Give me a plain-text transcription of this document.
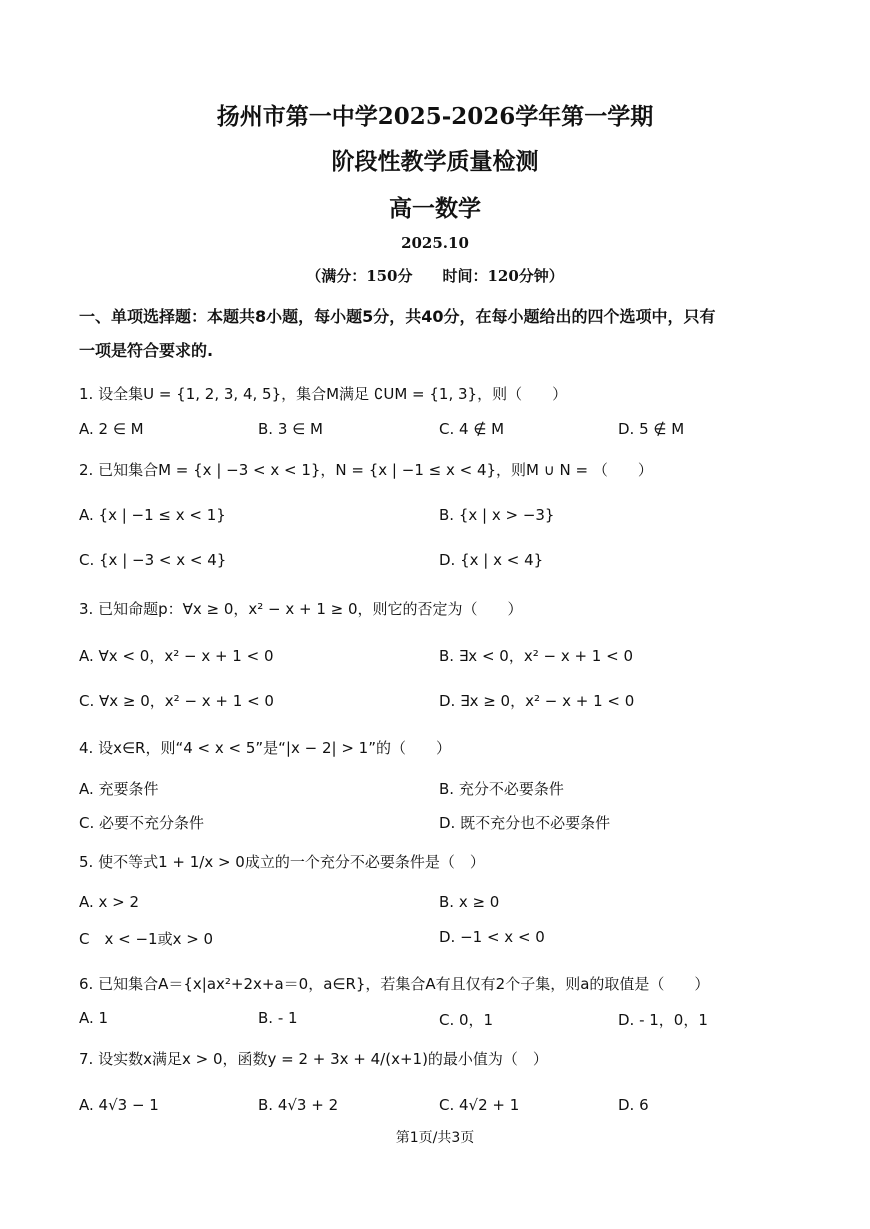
扬州市第一中学2025-2026学年第一学期
阶段性教学质量检测
高一数学
2025.10
（满分：150分　　时间：120分钟）
一、单项选择题：本题共8小题，每小题5分，共40分，在每小题给出的四个选项中，只有
一项是符合要求的.
1. 设全集U = {1, 2, 3, 4, 5}，集合M满足 ∁UM = {1, 3}，则（　　）
A. 2 ∈ M	B. 3 ∈ M	C. 4 ∉ M	D. 5 ∉ M
2. 已知集合M = {x | −3 < x < 1}，N = {x | −1 ≤ x < 4}，则M ∪ N = （　　）
A. {x | −1 ≤ x < 1}	B. {x | x > −3}
C. {x | −3 < x < 4}	D. {x | x < 4}
3. 已知命题p：∀x ≥ 0，x² − x + 1 ≥ 0，则它的否定为（　　）
A. ∀x < 0，x² − x + 1 < 0	B. ∃x < 0，x² − x + 1 < 0
C. ∀x ≥ 0，x² − x + 1 < 0	D. ∃x ≥ 0，x² − x + 1 < 0
4. 设x∈R，则“4 < x < 5”是“|x − 2| > 1”的（　　）
A. 充要条件	B. 充分不必要条件
C. 必要不充分条件	D. 既不充分也不必要条件
5. 使不等式1 + 1/x > 0成立的一个充分不必要条件是（　）
A. x > 2	B. x ≥ 0
C　x < −1或x > 0	D. −1 < x < 0
6. 已知集合A＝{x|ax²+2x+a＝0，a∈R}，若集合A有且仅有2个子集，则a的取值是（　　）
A. 1	B. - 1	C. 0，1	D. - 1，0，1
7. 设实数x满足x > 0，函数y = 2 + 3x + 4/(x+1)的最小值为（　）
A. 4√3 − 1	B. 4√3 + 2	C. 4√2 + 1	D. 6
第1页/共3页
